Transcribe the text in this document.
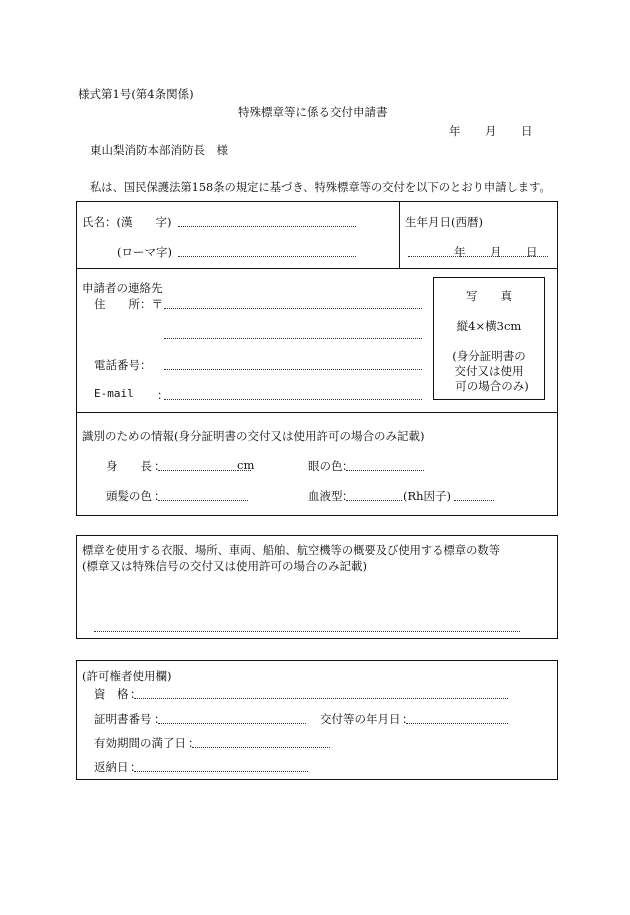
様式第1号(第4条関係)
特殊標章等に係る交付申請書
年 月 日
東山梨消防本部消防長　様
私は、国民保護法第158条の規定に基づき、特殊標章等の交付を以下のとおり申請します。
氏名：(漢　　字)
(ローマ字)
生年月日(西暦)
年 月 日
申請者の連絡先
住　　所：〒
電話番号：
E-mail ：
写　　真
縦4×横3cm
(身分証明書の
交付又は使用
可の場合のみ)
識別のための情報(身分証明書の交付又は使用許可の場合のみ記載)
身　　長 ：	cm	眼の色 ：
頭髪の色 ：	血液型 ：	(Rh因子)
標章を使用する衣服、場所、車両、船舶、航空機等の概要及び使用する標章の数等
(標章又は特殊信号の交付又は使用許可の場合のみ記載)
(許可権者使用欄)
資　格 ：
証明書番号 ：	交付等の年月日 ：
有効期間の満了日 ：
返納日 ：
